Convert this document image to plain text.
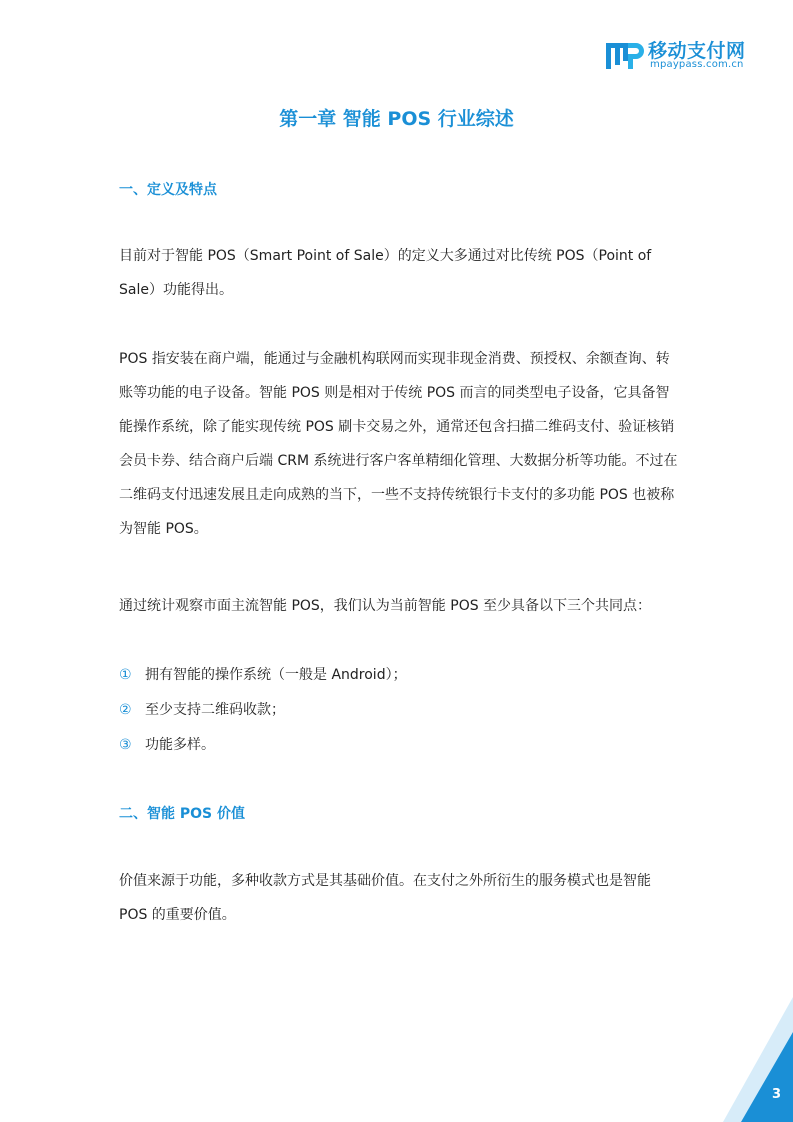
移动支付网
mpaypass.com.cn
第一章 智能 POS 行业综述
一、定义及特点

目前对于智能 POS（Smart Point of Sale）的定义大多通过对比传统 POS（Point of Sale）功能得出。

POS 指安装在商户端，能通过与金融机构联网而实现非现金消费、预授权、余额查询、转账等功能的电子设备。智能 POS 则是相对于传统 POS 而言的同类型电子设备，它具备智能操作系统，除了能实现传统 POS 刷卡交易之外，通常还包含扫描二维码支付、验证核销会员卡券、结合商户后端 CRM 系统进行客户客单精细化管理、大数据分析等功能。不过在二维码支付迅速发展且走向成熟的当下，一些不支持传统银行卡支付的多功能 POS 也被称为智能 POS。

通过统计观察市面主流智能 POS，我们认为当前智能 POS 至少具备以下三个共同点：

① 拥有智能的操作系统（一般是 Android）；
② 至少支持二维码收款；
③ 功能多样。
二、智能 POS 价值

价值来源于功能，多种收款方式是其基础价值。在支付之外所衍生的服务模式也是智能 POS 的重要价值。

3
